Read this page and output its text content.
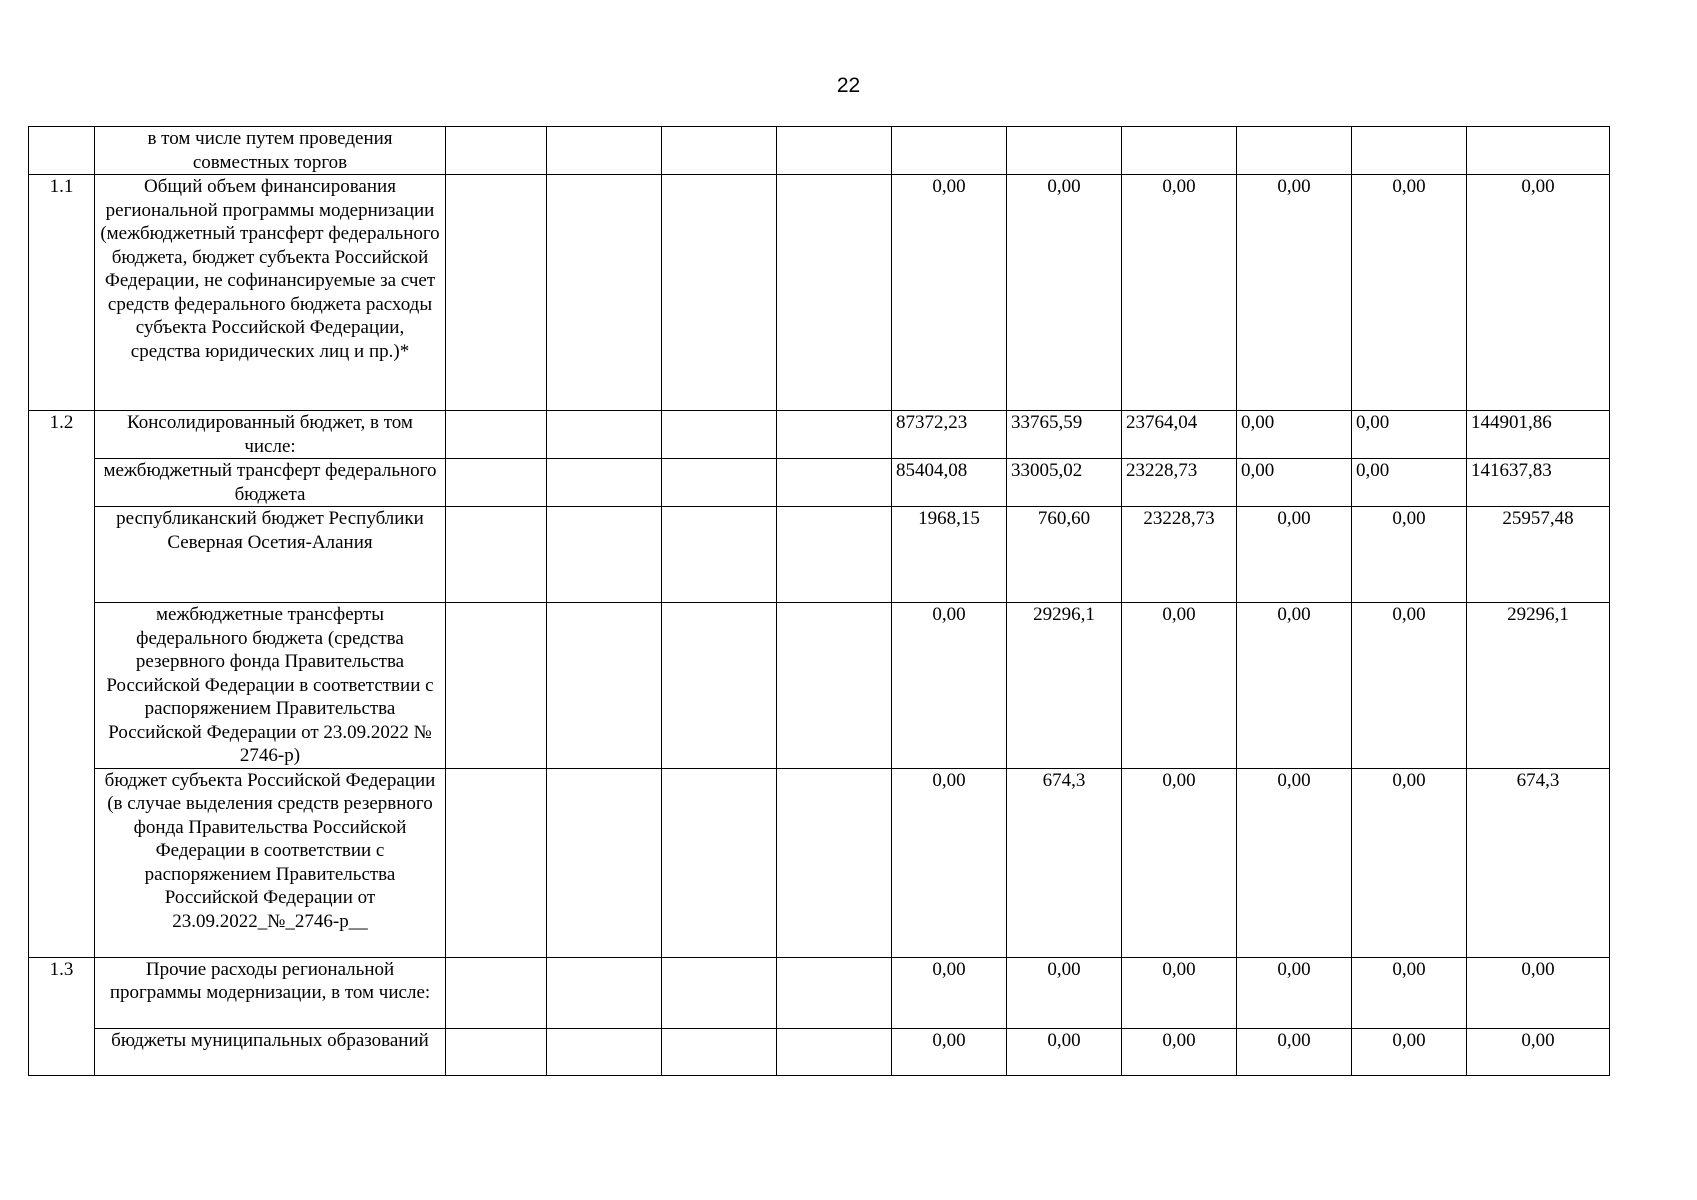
22
	в том числе путем проведения совместных торгов										
1.1	Общий объем финансирования региональной программы модернизации (межбюджетный трансферт федерального бюджета, бюджет субъекта Российской Федерации, не софинансируемые за счет средств федерального бюджета расходы субъекта Российской Федерации, средства юридических лиц и пр.)*					0,00	0,00	0,00	0,00	0,00	0,00
1.2	Консолидированный бюджет, в том числе:					87372,23	33765,59	23764,04	0,00	0,00	144901,86
	межбюджетный трансферт федерального бюджета					85404,08	33005,02	23228,73	0,00	0,00	141637,83
	республиканский бюджет Республики Северная Осетия-Алания					1968,15	760,60	23228,73	0,00	0,00	25957,48
	межбюджетные трансферты федерального бюджета (средства резервного фонда Правительства Российской Федерации в соответствии с распоряжением Правительства Российской Федерации от 23.09.2022 № 2746-р)					0,00	29296,1	0,00	0,00	0,00	29296,1
	бюджет субъекта Российской Федерации (в случае выделения средств резервного фонда Правительства Российской Федерации в соответствии с распоряжением Правительства Российской Федерации от 23.09.2022_№_2746-р__					0,00	674,3	0,00	0,00	0,00	674,3
1.3	Прочие расходы региональной программы модернизации, в том числе:					0,00	0,00	0,00	0,00	0,00	0,00
	бюджеты муниципальных образований					0,00	0,00	0,00	0,00	0,00	0,00
